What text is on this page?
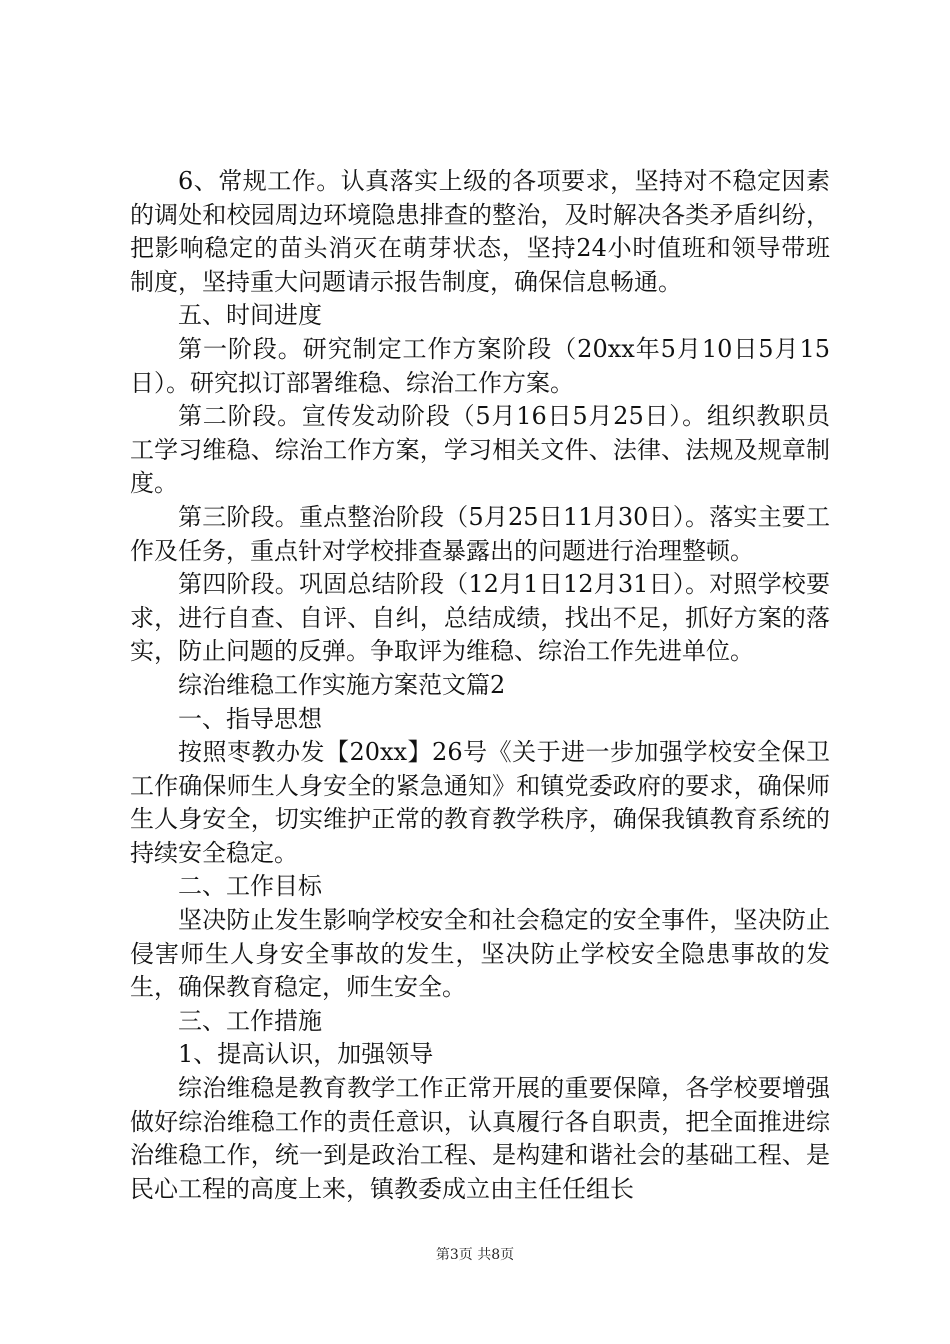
6、常规工作。认真落实上级的各项要求，坚持对不稳定因素的调处和校园周边环境隐患排查的整治，及时解决各类矛盾纠纷，把影响稳定的苗头消灭在萌芽状态，坚持24小时值班和领导带班制度，坚持重大问题请示报告制度，确保信息畅通。

五、时间进度

第一阶段。研究制定工作方案阶段（20xx年5月10日5月15日）。研究拟订部署维稳、综治工作方案。

第二阶段。宣传发动阶段（5月16日5月25日）。组织教职员工学习维稳、综治工作方案，学习相关文件、法律、法规及规章制度。

第三阶段。重点整治阶段（5月25日11月30日）。落实主要工作及任务，重点针对学校排查暴露出的问题进行治理整顿。

第四阶段。巩固总结阶段（12月1日12月31日）。对照学校要求，进行自查、自评、自纠，总结成绩，找出不足，抓好方案的落实，防止问题的反弹。争取评为维稳、综治工作先进单位。

综治维稳工作实施方案范文篇2

一、指导思想

按照枣教办发【20xx】26号《关于进一步加强学校安全保卫工作确保师生人身安全的紧急通知》和镇党委政府的要求，确保师生人身安全，切实维护正常的教育教学秩序，确保我镇教育系统的持续安全稳定。

二、工作目标

坚决防止发生影响学校安全和社会稳定的安全事件，坚决防止侵害师生人身安全事故的发生，坚决防止学校安全隐患事故的发生，确保教育稳定，师生安全。

三、工作措施

1、提高认识，加强领导

综治维稳是教育教学工作正常开展的重要保障，各学校要增强做好综治维稳工作的责任意识，认真履行各自职责，把全面推进综治维稳工作，统一到是政治工程、是构建和谐社会的基础工程、是民心工程的高度上来，镇教委成立由主任任组长

第3页 共8页
